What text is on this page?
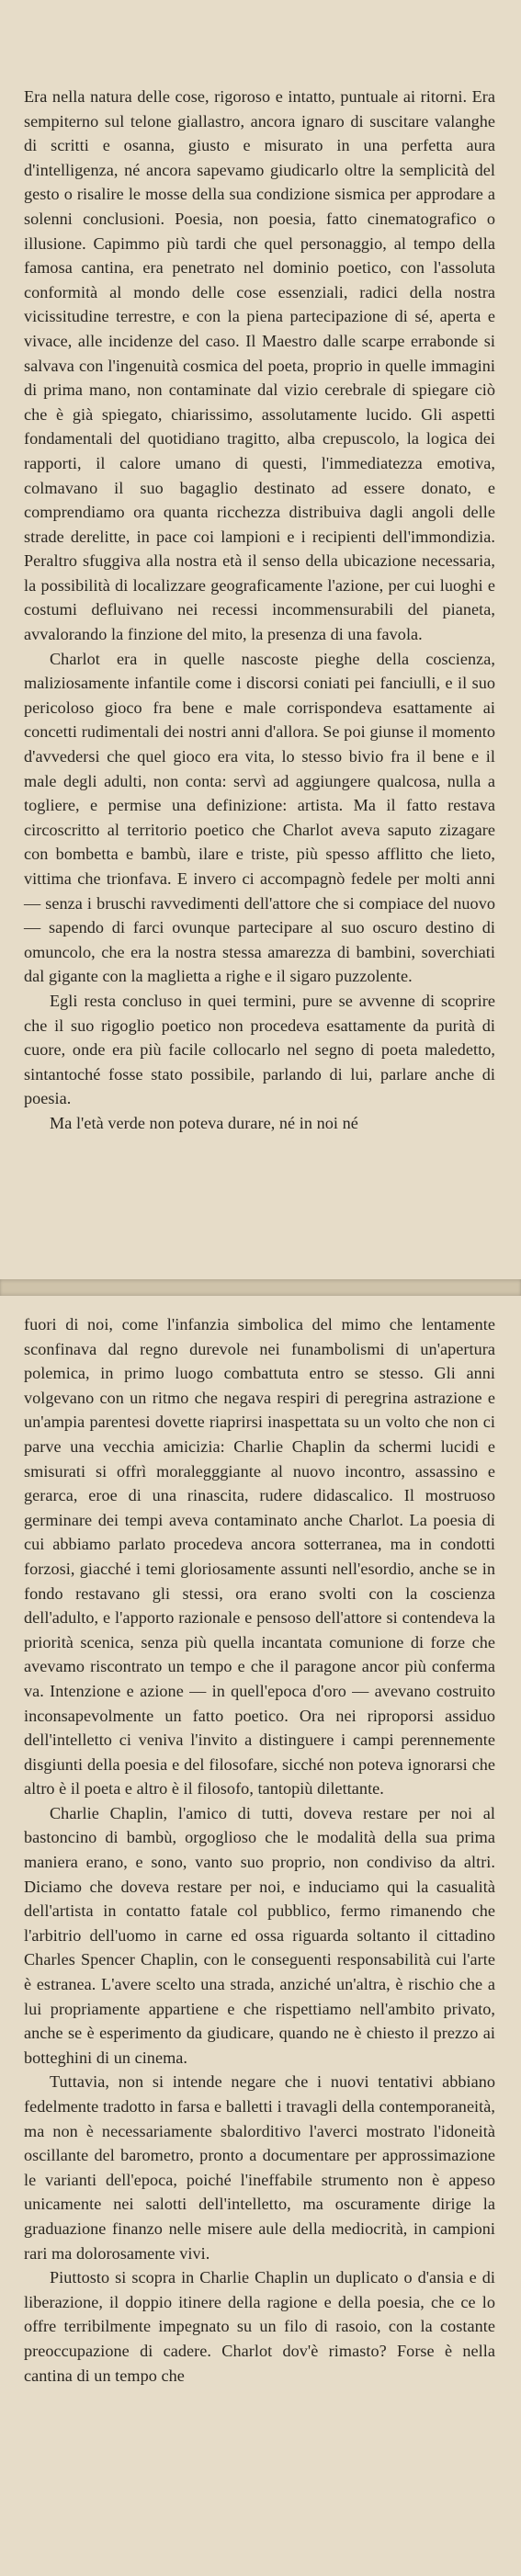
Era nella natura delle cose, rigoroso e intatto, puntuale ai ritorni. Era sempiterno sul telone giallastro, ancora ignaro di suscitare valanghe di scritti e osanna, giusto e misurato in una perfetta aura d'intelligenza, né ancora sapevamo giudicarlo oltre la semplicità del gesto o risalire le mosse della sua condizione sismica per approdare a solenni conclusioni. Poesia, non poesia, fatto cinematografico o illusione. Capimmo più tardi che quel personaggio, al tempo della famosa cantina, era penetrato nel dominio poetico, con l'assoluta conformità al mondo delle cose essenziali, radici della nostra vicissitudine terrestre, e con la piena partecipazione di sé, aperta e vivace, alle incidenze del caso. Il Maestro dalle scarpe errabonde si salvava con l'ingenuità cosmica del poeta, proprio in quelle immagini di prima mano, non contaminate dal vizio cerebrale di spiegare ciò che è già spiegato, chiarissimo, assolutamente lucido. Gli aspetti fondamentali del quotidiano tragitto, alba crepuscolo, la logica dei rapporti, il calore umano di questi, l'immediatezza emotiva, colmavano il suo bagaglio destinato ad essere donato, e comprendiamo ora quanta ricchezza distribuiva dagli angoli delle strade derelitte, in pace coi lampioni e i recipienti dell'immondizia. Peraltro sfuggiva alla nostra età il senso della ubicazione necessaria, la possibilità di localizzare geograficamente l'azione, per cui luoghi e costumi defluivano nei recessi incommensurabili del pianeta, avvalorando la finzione del mito, la presenza di una favola.

Charlot era in quelle nascoste pieghe della coscienza, maliziosamente infantile come i discorsi coniati pei fanciulli, e il suo pericoloso gioco fra bene e male corrispondeva esattamente ai concetti rudimentali dei nostri anni d'allora. Se poi giunse il momento d'avvedersi che quel gioco era vita, lo stesso bivio fra il bene e il male degli adulti, non conta: servì ad aggiungere qualcosa, nulla a togliere, e permise una definizione: artista. Ma il fatto restava circoscritto al territorio poetico che Charlot aveva saputo zizagare con bombetta e bambù, ilare e triste, più spesso afflitto che lieto, vittima che trionfava. E invero ci accompagnò fedele per molti anni — senza i bruschi ravvedimenti dell'attore che si compiace del nuovo — sapendo di farci ovunque partecipare al suo oscuro destino di omuncolo, che era la nostra stessa amarezza di bambini, soverchiati dal gigante con la maglietta a righe e il sigaro puzzolente.

Egli resta concluso in quei termini, pure se avvenne di scoprire che il suo rigoglio poetico non procedeva esattamente da purità di cuore, onde era più facile collocarlo nel segno di poeta maledetto, sintantoché fosse stato possibile, parlando di lui, parlare anche di poesia.

Ma l'età verde non poteva durare, né in noi né

fuori di noi, come l'infanzia simbolica del mimo che lentamente sconfinava dal regno durevole nei funambolismi di un'apertura polemica, in primo luogo combattuta entro se stesso. Gli anni volgevano con un ritmo che negava respiri di peregrina astrazione e un'ampia parentesi dovette riaprirsi inaspettata su un volto che non ci parve una vecchia amicizia: Charlie Chaplin da schermi lucidi e smisurati si offrì moralegggiante al nuovo incontro, assassino e gerarca, eroe di una rinascita, rudere didascalico. Il mostruoso germinare dei tempi aveva contaminato anche Charlot. La poesia di cui abbiamo parlato procedeva ancora sotterranea, ma in condotti forzosi, giacché i temi gloriosamente assunti nell'esordio, anche se in fondo restavano gli stessi, ora erano svolti con la coscienza dell'adulto, e l'apporto razionale e pensoso dell'attore si contendeva la priorità scenica, senza più quella incantata comunione di forze che avevamo riscontrato un tempo e che il paragone ancor più conferma va. Intenzione e azione — in quell'epoca d'oro — avevano costruito inconsapevolmente un fatto poetico. Ora nei riproporsi assiduo dell'intelletto ci veniva l'invito a distinguere i campi perennemente disgiunti della poesia e del filosofare, sicché non poteva ignorarsi che altro è il poeta e altro è il filosofo, tantopiù dilettante.

Charlie Chaplin, l'amico di tutti, doveva restare per noi al bastoncino di bambù, orgoglioso che le modalità della sua prima maniera erano, e sono, vanto suo proprio, non condiviso da altri. Diciamo che doveva restare per noi, e induciamo qui la casualità dell'artista in contatto fatale col pubblico, fermo rimanendo che l'arbitrio dell'uomo in carne ed ossa riguarda soltanto il cittadino Charles Spencer Chaplin, con le conseguenti responsabilità cui l'arte è estranea. L'avere scelto una strada, anziché un'altra, è rischio che a lui propriamente appartiene e che rispettiamo nell'ambito privato, anche se è esperimento da giudicare, quando ne è chiesto il prezzo ai botteghini di un cinema.

Tuttavia, non si intende negare che i nuovi tentativi abbiano fedelmente tradotto in farsa e balletti i travagli della contemporaneità, ma non è necessariamente sbalorditivo l'averci mostrato l'idoneità oscillante del barometro, pronto a documentare per approssimazione le varianti dell'epoca, poiché l'ineffabile strumento non è appeso unicamente nei salotti dell'intelletto, ma oscuramente dirige la graduazione finanzo nelle misere aule della mediocrità, in campioni rari ma dolorosamente vivi.

Piuttosto si scopra in Charlie Chaplin un duplicato o d'ansia e di liberazione, il doppio itinere della ragione e della poesia, che ce lo offre terribilmente impegnato su un filo di rasoio, con la costante preoccupazione di cadere. Charlot dov'è rimasto? Forse è nella cantina di un tempo che
